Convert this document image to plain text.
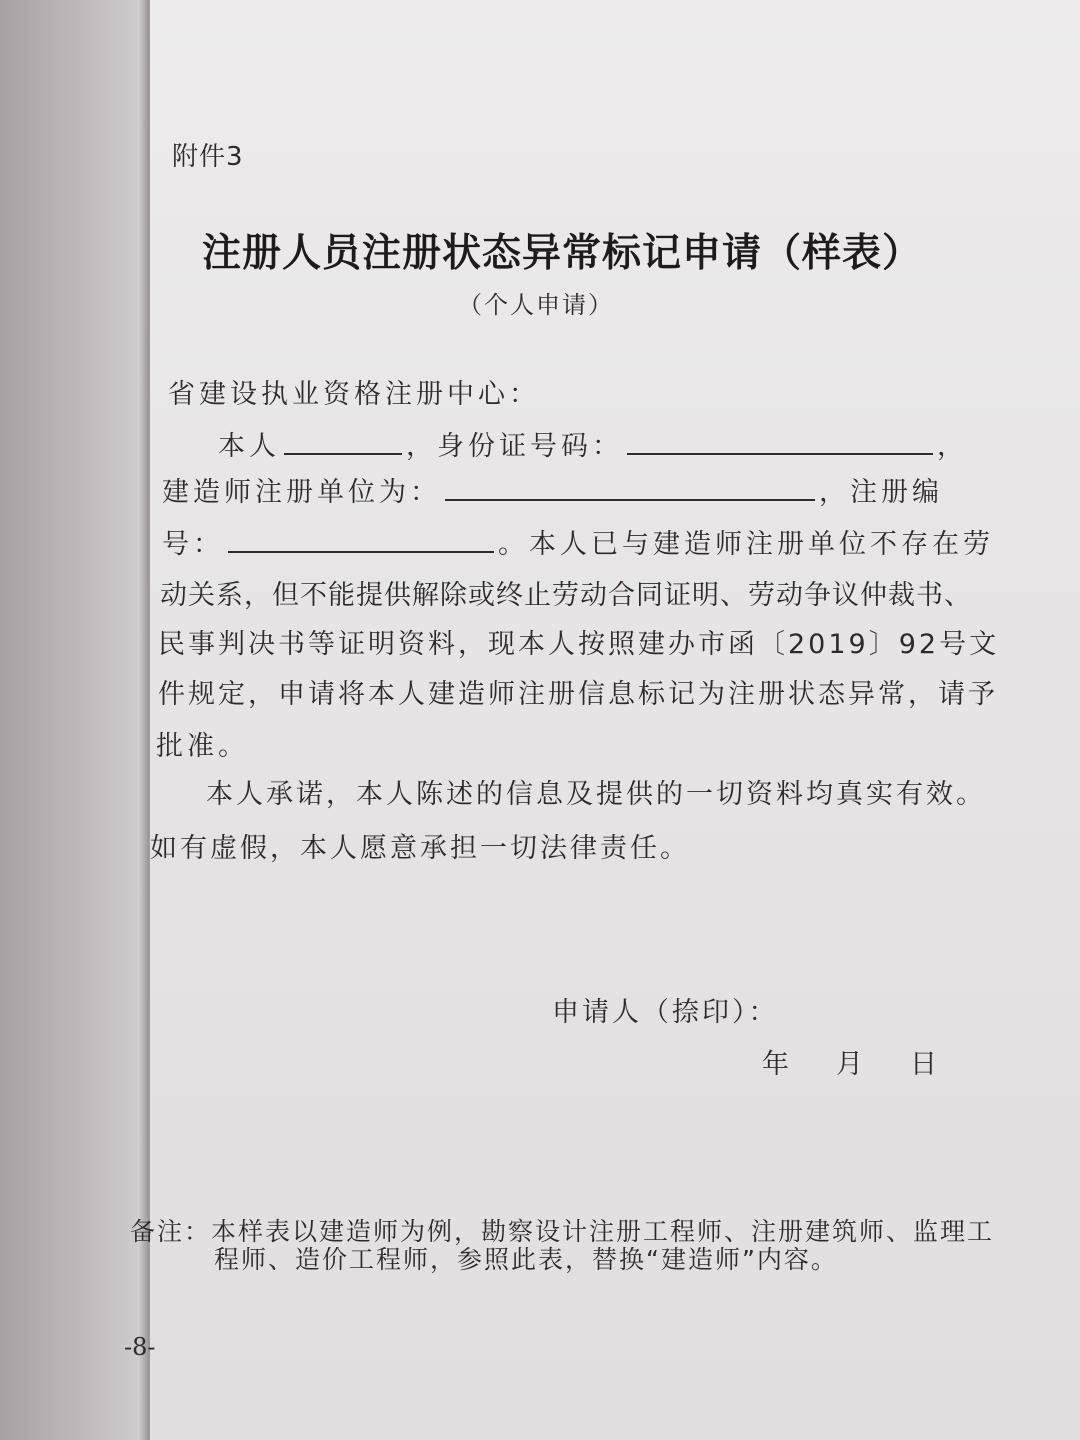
附件3
注册人员注册状态异常标记申请（样表）
（个人申请）
省建设执业资格注册中心：
本人	，身份证号码：	，
建造师注册单位为：	，注册编
号：	。本人已与建造师注册单位不存在劳
动关系，但不能提供解除或终止劳动合同证明、劳动争议仲裁书、
民事判决书等证明资料，现本人按照建办市函〔2019〕92号文
件规定，申请将本人建造师注册信息标记为注册状态异常，请予
批准。
本人承诺，本人陈述的信息及提供的一切资料均真实有效。
如有虚假，本人愿意承担一切法律责任。
申请人（捺印）：
年 月 日
备注：本样表以建造师为例，勘察设计注册工程师、注册建筑师、监理工
程师、造价工程师，参照此表，替换“建造师”内容。
-8-
